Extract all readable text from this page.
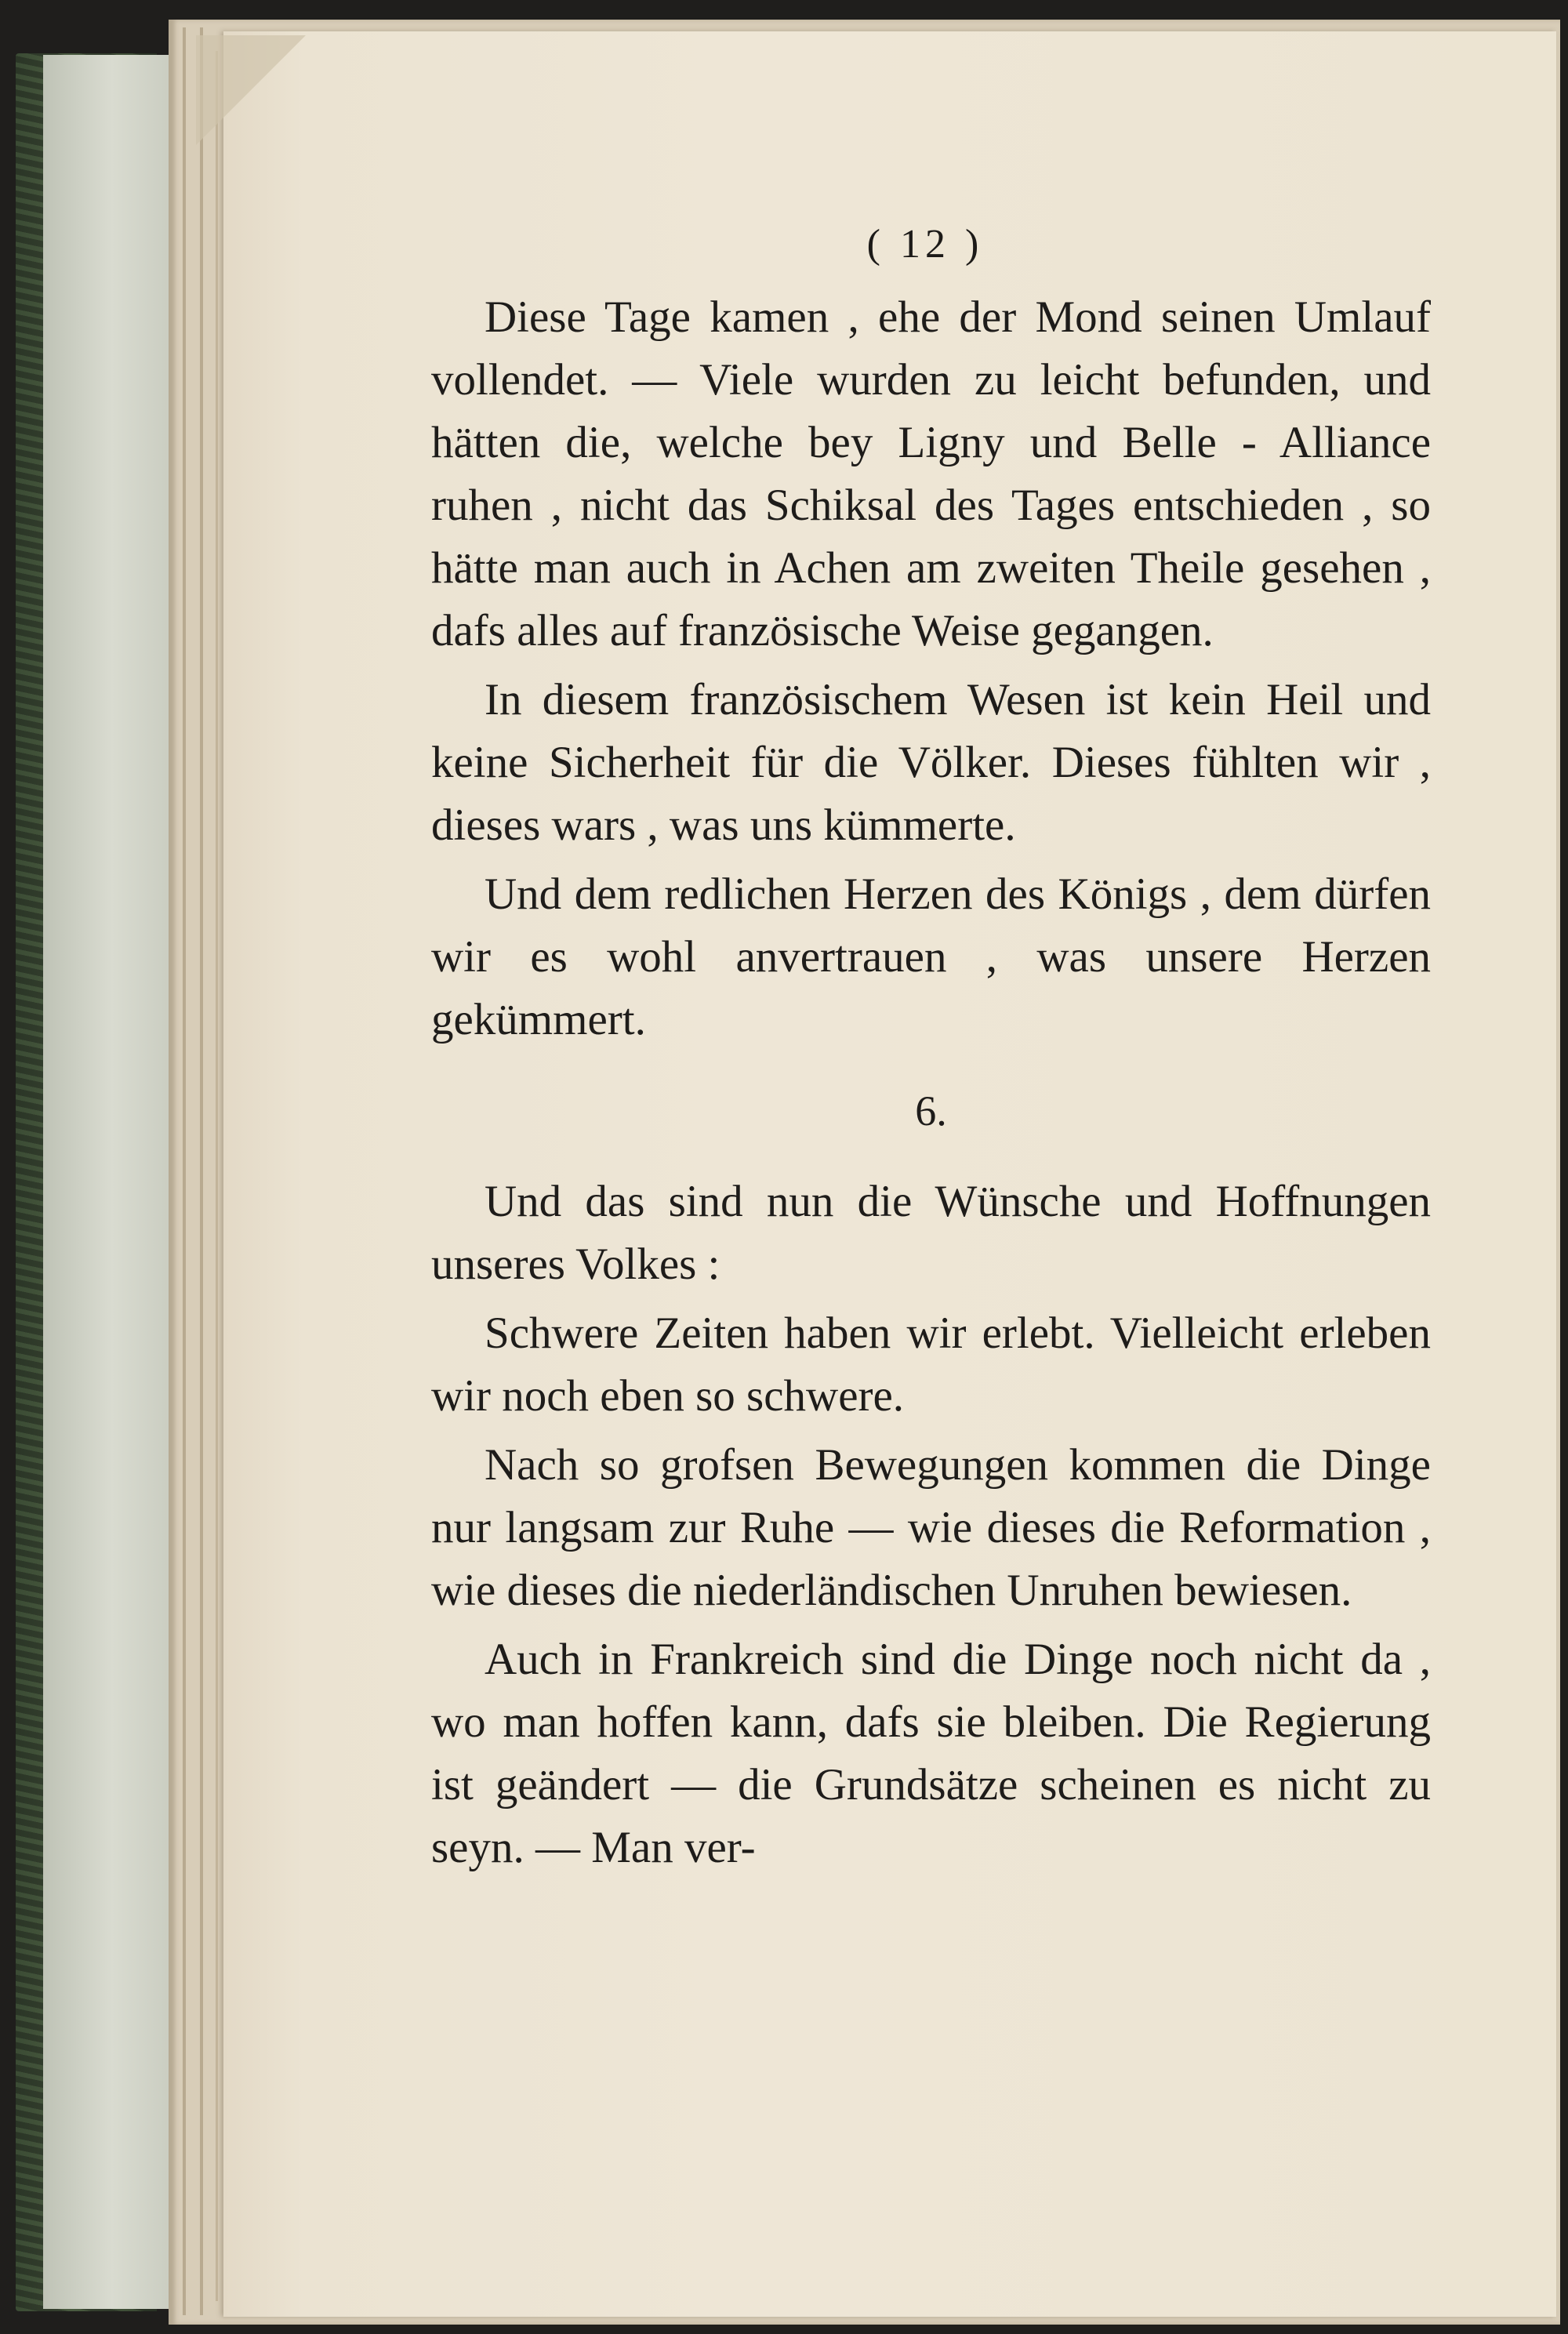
( 12 )

Diese Tage kamen , ehe der Mond seinen Umlauf vollendet. — Viele wurden zu leicht befunden, und hätten die, welche bey Ligny und Belle - Alliance ruhen , nicht das Schiksal des Tages entschieden , so hätte man auch in Achen am zweiten Theile gesehen , dafs alles auf französische Weise gegangen.

In diesem französischem Wesen ist kein Heil und keine Sicherheit für die Völker. Dieses fühlten wir , dieses wars , was uns kümmerte.

Und dem redlichen Herzen des Königs , dem dürfen wir es wohl anvertrauen , was unsere Herzen gekümmert.

6.

Und das sind nun die Wünsche und Hoffnungen unseres Volkes :

Schwere Zeiten haben wir erlebt. Vielleicht erleben wir noch eben so schwere.

Nach so grofsen Bewegungen kommen die Dinge nur langsam zur Ruhe — wie dieses die Reformation , wie dieses die niederländischen Unruhen bewiesen.

Auch in Frankreich sind die Dinge noch nicht da , wo man hoffen kann, dafs sie bleiben. Die Regierung ist geändert — die Grundsätze scheinen es nicht zu seyn. — Man ver-
